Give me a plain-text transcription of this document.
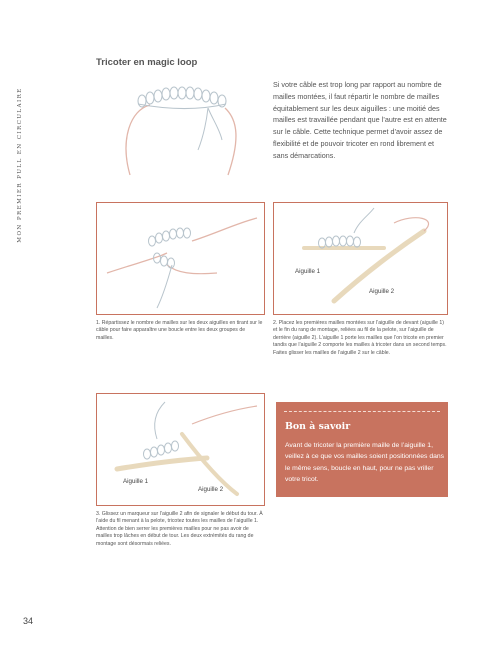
MON PREMIER PULL EN CIRCULAIRE
Tricoter en magic loop
Si votre câble est trop long par rapport au nombre de mailles montées, il faut répartir le nombre de mailles équitablement sur les deux aiguilles : une moitié des mailles est travaillée pendant que l’autre est en attente sur le câble. Cette technique permet d’avoir assez de flexibilité et de pouvoir tricoter en rond librement et sans démarcations.
1. Répartissez le nombre de mailles sur les deux aiguilles en tirant sur le câble pour faire apparaître une boucle entre les deux groupes de mailles.
Aiguille 1
Aiguille 2
2. Placez les premières mailles montées sur l’aiguille de devant (aiguille 1) et le fin du rang de montage, reliées au fil de la pelote, sur l’aiguille de derrière (aiguille 2). L’aiguille 1 porte les mailles que l’on tricote en premier tandis que l’aiguille 2 comporte les mailles à tricoter dans un second temps. Faites glisser les mailles de l’aiguille 2 sur le câble.
Aiguille 1
Aiguille 2
3. Glissez un marqueur sur l’aiguille 2 afin de signaler le début du tour. À l’aide du fil menant à la pelote, tricotez toutes les mailles de l’aiguille 1. Attention de bien serrer les premières mailles pour ne pas avoir de mailles trop lâches en début de tour. Les deux extrémités du rang de montage sont désormais reliées.
Bon à savoir
Avant de tricoter la première maille de l’aiguille 1, veillez à ce que vos mailles soient positionnées dans le même sens, boucle en haut, pour ne pas vriller votre tricot.
34
